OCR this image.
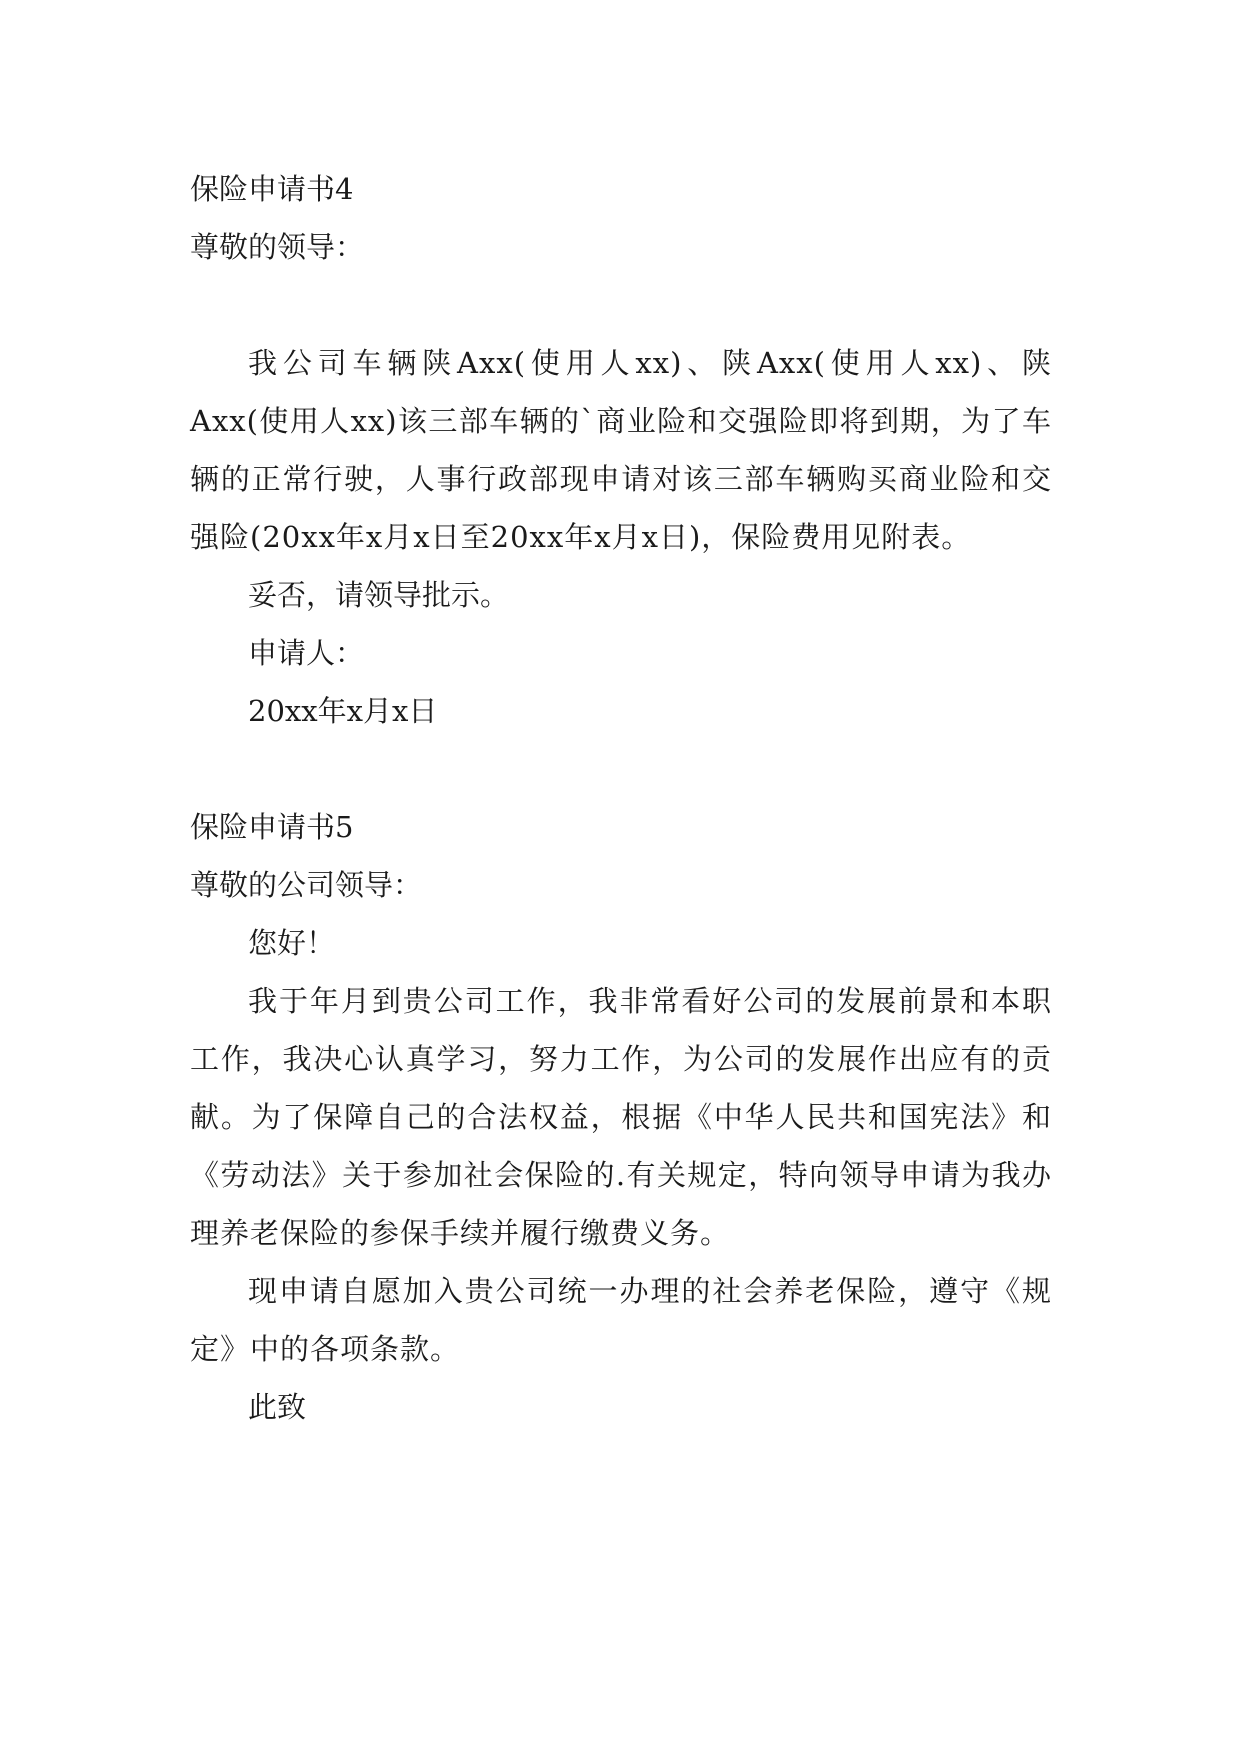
保险申请书4

尊敬的领导：

我公司车辆陕Axx(使用人xx)、陕Axx(使用人xx)、陕Axx(使用人xx)该三部车辆的`商业险和交强险即将到期，为了车辆的正常行驶，人事行政部现申请对该三部车辆购买商业险和交强险(20xx年x月x日至20xx年x月x日)，保险费用见附表。

妥否，请领导批示。

申请人：

20xx年x月x日

保险申请书5

尊敬的公司领导：

您好！

我于年月到贵公司工作，我非常看好公司的发展前景和本职工作，我决心认真学习，努力工作，为公司的发展作出应有的贡献。为了保障自己的合法权益，根据《中华人民共和国宪法》和《劳动法》关于参加社会保险的.有关规定，特向领导申请为我办理养老保险的参保手续并履行缴费义务。

现申请自愿加入贵公司统一办理的社会养老保险，遵守《规定》中的各项条款。

此致
